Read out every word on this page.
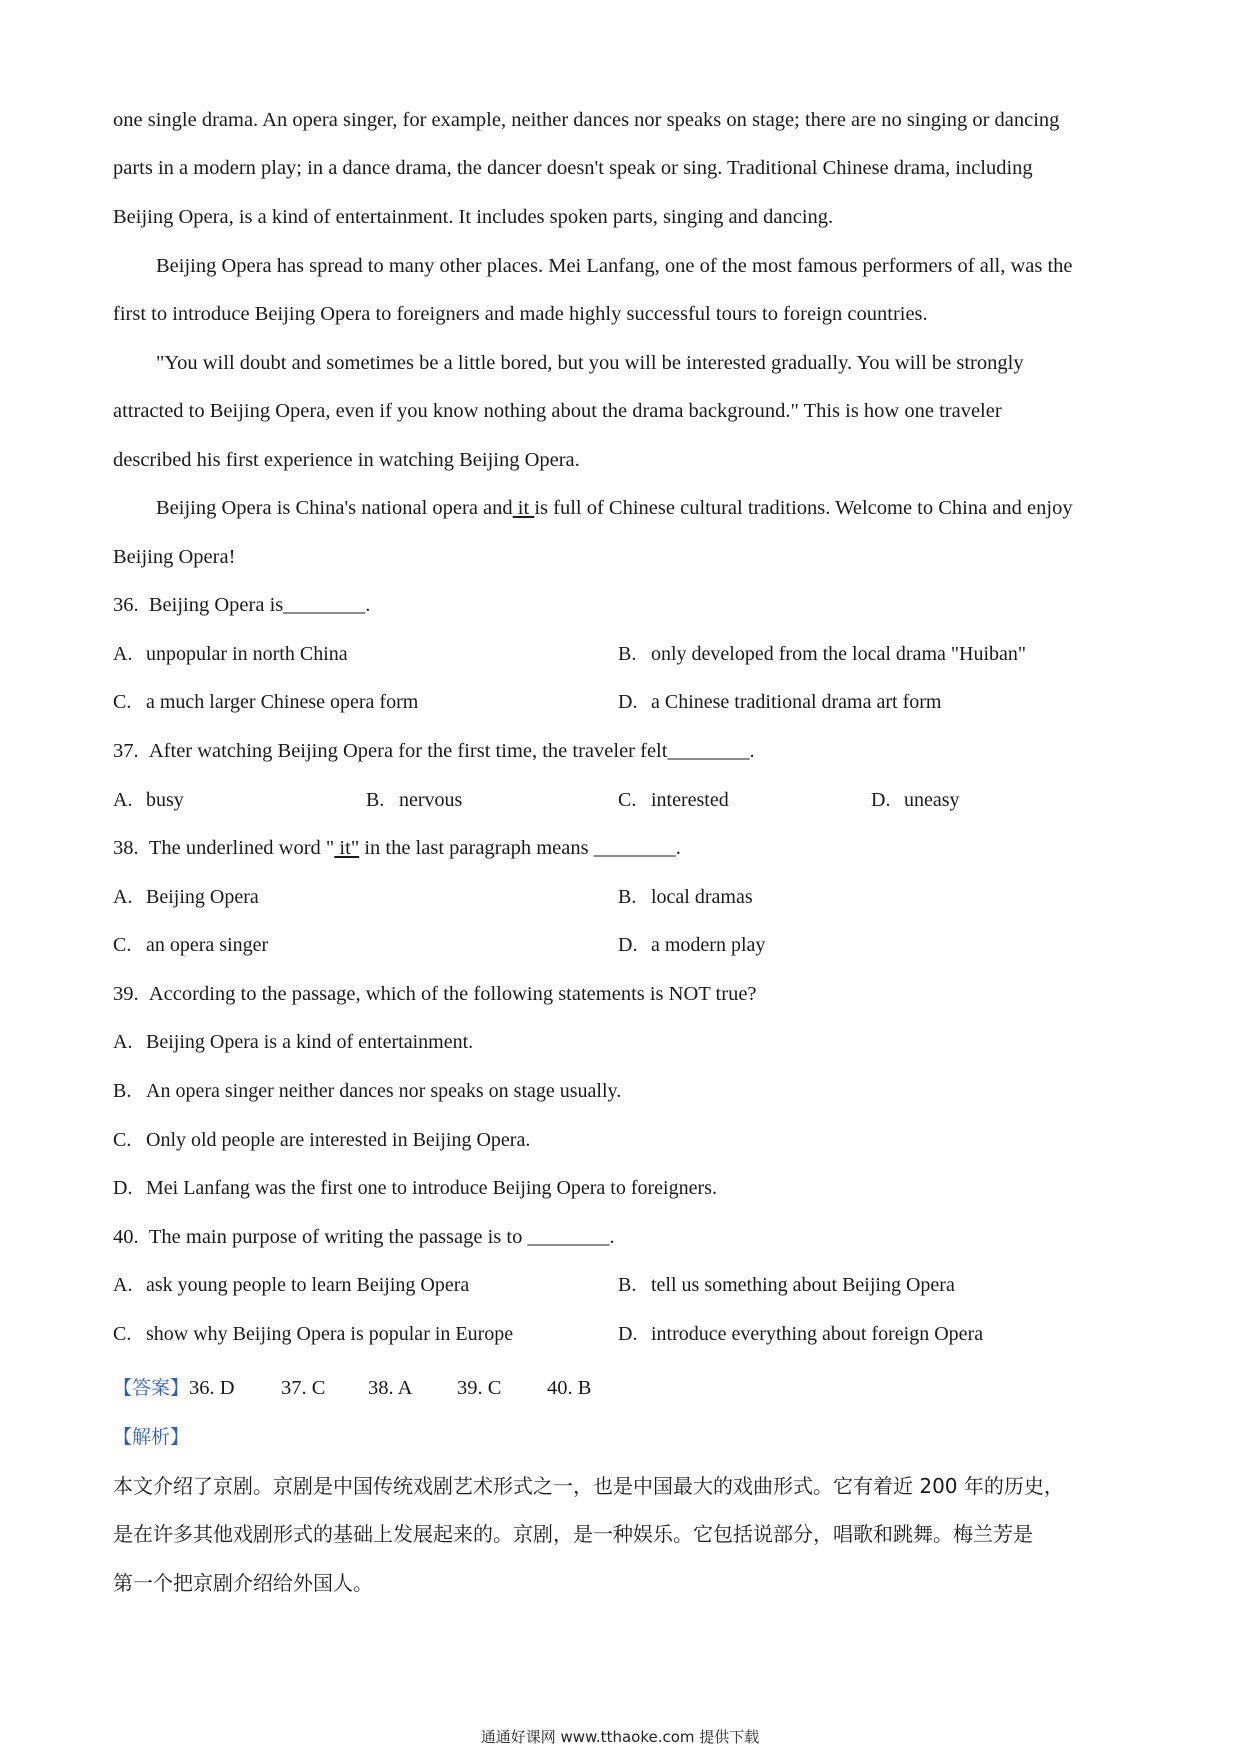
one single drama. An opera singer, for example, neither dances nor speaks on stage; there are no singing or dancing
parts in a modern play; in a dance drama, the dancer doesn't speak or sing. Traditional Chinese drama, including
Beijing Opera, is a kind of entertainment. It includes spoken parts, singing and dancing.
Beijing Opera has spread to many other places. Mei Lanfang, one of the most famous performers of all, was the
first to introduce Beijing Opera to foreigners and made highly successful tours to foreign countries.
"You will doubt and sometimes be a little bored, but you will be interested gradually. You will be strongly
attracted to Beijing Opera, even if you know nothing about the drama background." This is how one traveler
described his first experience in watching Beijing Opera.
Beijing Opera is China's national opera and it is full of Chinese cultural traditions. Welcome to China and enjoy
Beijing Opera!
36. Beijing Opera is________.
A. unpopular in north China	B. only developed from the local drama "Huiban"
C. a much larger Chinese opera form	D. a Chinese traditional drama art form
37. After watching Beijing Opera for the first time, the traveler felt________.
A. busy	B. nervous	C. interested	D. uneasy
38. The underlined word " it" in the last paragraph means ________.
A. Beijing Opera	B. local dramas
C. an opera singer	D. a modern play
39. According to the passage, which of the following statements is NOT true?
A. Beijing Opera is a kind of entertainment.
B. An opera singer neither dances nor speaks on stage usually.
C. Only old people are interested in Beijing Opera.
D. Mei Lanfang was the first one to introduce Beijing Opera to foreigners.
40. The main purpose of writing the passage is to ________.
A. ask young people to learn Beijing Opera	B. tell us something about Beijing Opera
C. show why Beijing Opera is popular in Europe	D. introduce everything about foreign Opera
【答案】36. D 37. C 38. A 39. C 40. B
【解析】
本文介绍了京剧。京剧是中国传统戏剧艺术形式之一，也是中国最大的戏曲形式。它有着近 200 年的历史，
是在许多其他戏剧形式的基础上发展起来的。京剧，是一种娱乐。它包括说部分，唱歌和跳舞。梅兰芳是
第一个把京剧介绍给外国人。
通通好课网 www.tthaoke.com 提供下载
